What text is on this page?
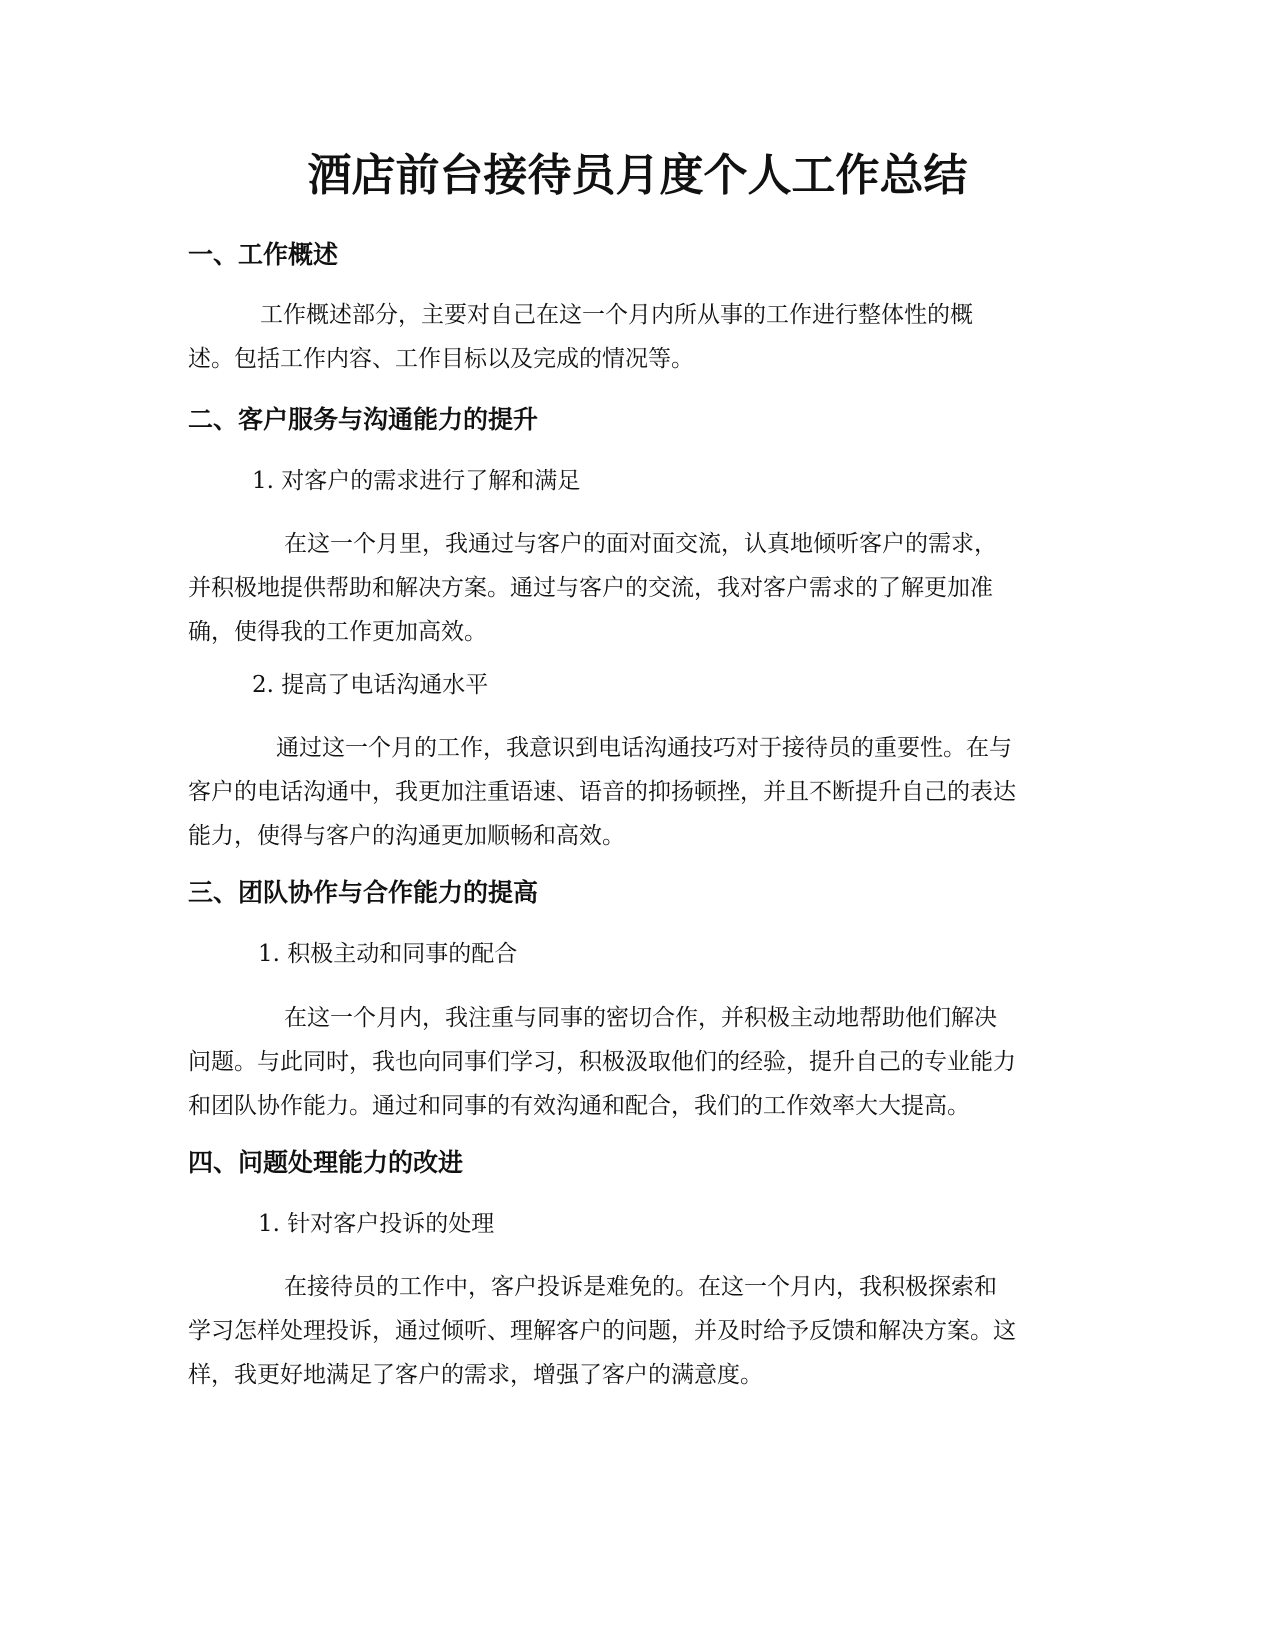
酒店前台接待员月度个人工作总结
一、工作概述
工作概述部分，主要对自己在这一个月内所从事的工作进行整体性的概
述。包括工作内容、工作目标以及完成的情况等。
二、客户服务与沟通能力的提升
1. 对客户的需求进行了解和满足
在这一个月里，我通过与客户的面对面交流，认真地倾听客户的需求，
并积极地提供帮助和解决方案。通过与客户的交流，我对客户需求的了解更加准
确，使得我的工作更加高效。
2. 提高了电话沟通水平
通过这一个月的工作，我意识到电话沟通技巧对于接待员的重要性。在与
客户的电话沟通中，我更加注重语速、语音的抑扬顿挫，并且不断提升自己的表达
能力，使得与客户的沟通更加顺畅和高效。
三、团队协作与合作能力的提高
1. 积极主动和同事的配合
在这一个月内，我注重与同事的密切合作，并积极主动地帮助他们解决
问题。与此同时，我也向同事们学习，积极汲取他们的经验，提升自己的专业能力
和团队协作能力。通过和同事的有效沟通和配合，我们的工作效率大大提高。
四、问题处理能力的改进
1. 针对客户投诉的处理
在接待员的工作中，客户投诉是难免的。在这一个月内，我积极探索和
学习怎样处理投诉，通过倾听、理解客户的问题，并及时给予反馈和解决方案。这
样，我更好地满足了客户的需求，增强了客户的满意度。
